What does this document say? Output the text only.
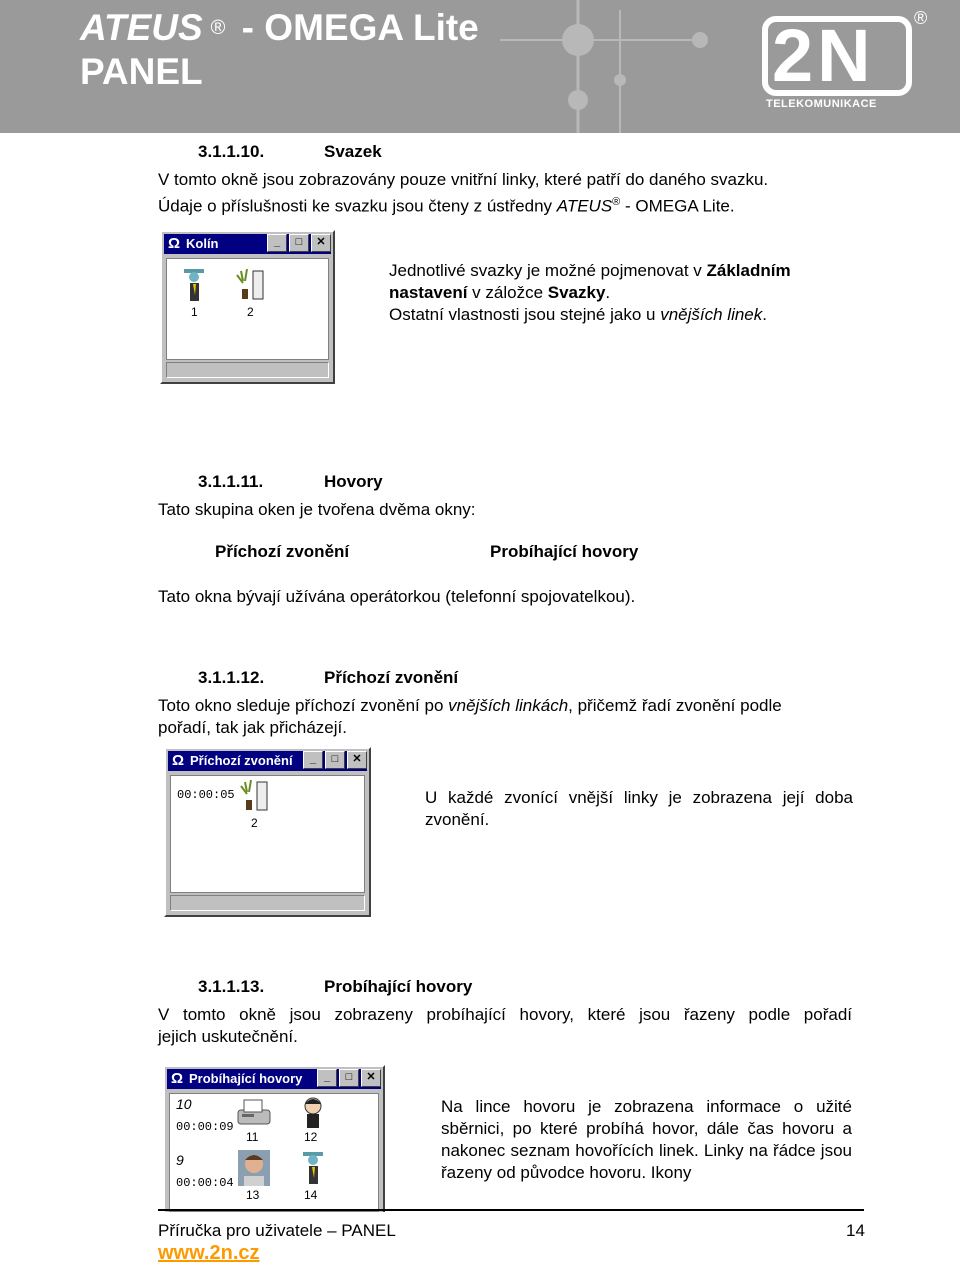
ATEUS ® - OMEGA Lite
PANEL	2N ®
TELEKOMUNIKACE
3.1.1.10.	Svazek
V tomto okně jsou zobrazovány pouze vnitřní linky, které patří do daného svazku.
Údaje o příslušnosti ke svazku jsou čteny z ústředny ATEUS® - OMEGA Lite.
Ω Kolín	_	□	✕
1	2
Jednotlivé svazky je možné pojmenovat v Základním nastavení v záložce Svazky.
Ostatní vlastnosti jsou stejné jako u vnějších linek.
3.1.1.11.	Hovory
Tato skupina oken je tvořena dvěma okny:
Příchozí zvonění	Probíhající hovory
Tato okna bývají užívána operátorkou (telefonní spojovatelkou).
3.1.1.12.	Příchozí zvonění
Toto okno sleduje příchozí zvonění po vnějších linkách, přičemž řadí zvonění podle
pořadí, tak jak přicházejí.
Ω Příchozí zvonění	_	□	✕
00:00:05
2
U každé zvonící vnější linky je zobrazena její doba zvonění.
3.1.1.13.	Probíhající hovory
V tomto okně jsou zobrazeny probíhající hovory, které jsou řazeny podle pořadí
jejich uskutečnění.
Ω Probíhající hovory	_	□	✕
10
00:00:09
11	12
9
00:00:04
13	14
Na lince hovoru je zobrazena informace o užité sběrnici, po které probíhá hovor, dále čas hovoru a nakonec seznam hovořících linek. Linky na řádce jsou řazeny od původce hovoru. Ikony
Příručka pro uživatele – PANEL	14
www.2n.cz
